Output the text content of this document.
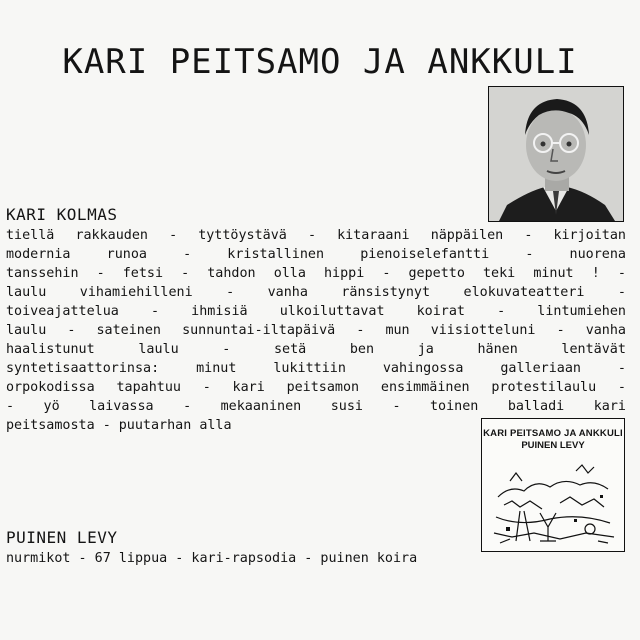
KARI PEITSAMO JA ANKKULI
KARI KOLMAS
tiellä rakkauden - tyttöystävä - kitaraani näppäilen - kirjoitan
modernia	runoa	-	kristallinen	pienoiselefantti	-	nuorena
tanssehin - fetsi - tahdon olla hippi - gepetto teki minut ! -
laulu vihamiehilleni - vanha ränsistynyt elokuvateatteri -
toiveajattelua - ihmisiä ulkoiluttavat koirat - lintumiehen
laulu - sateinen sunnuntai-iltapäivä - mun viisiotteluni - vanha
haalistunut	laulu	-	setä	ben	ja	hänen	lentävät
syntetisaattorinsa:	minut	lukittiin	vahingossa	galleriaan	-
orpokodissa tapahtuu - kari peitsamon ensimmäinen protestilaulu -
- yö laivassa - mekaaninen susi - toinen balladi kari
peitsamosta - puutarhan alla
PUINEN LEVY
nurmikot - 67 lippua - kari-rapsodia - puinen koira
KARI PEITSAMO JA ANKKULI
PUINEN LEVY
